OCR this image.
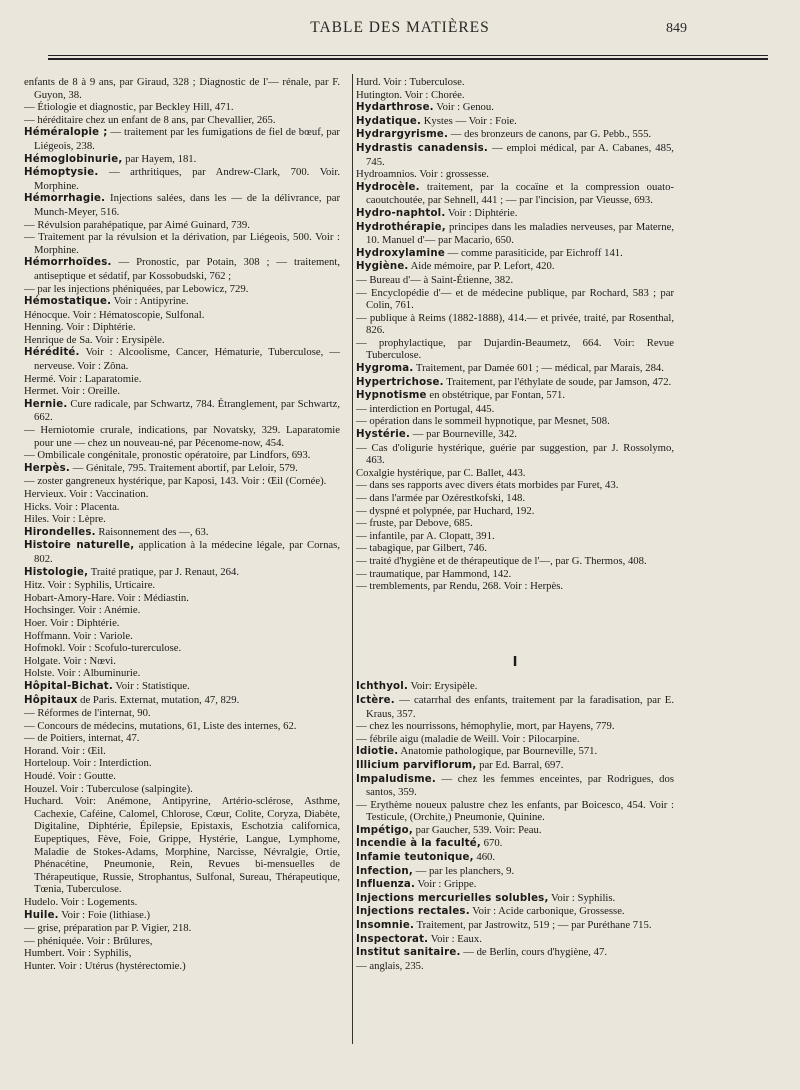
TABLE DES MATIÈRES	849

enfants de 8 à 9 ans, par Giraud, 328 ; Diagnostic de l'— rénale, par F. Guyon, 38.

— Étiologie et diagnostic, par Beckley Hill, 471.

— héréditaire chez un enfant de 8 ans, par Chevallier, 265.

Héméralopie ; — traitement par les fumigations de fiel de bœuf, par Liégeois, 238.

Hémoglobinurie, par Hayem, 181.

Hémoptysie. — arthritiques, par Andrew-Clark, 700. Voir. Morphine.

Hémorrhagie. Injections salées, dans les — de la délivrance, par Munch-Meyer, 516.

— Révulsion parahépatique, par Aimé Guinard, 739.

— Traitement par la révulsion et la dérivation, par Liégeois, 500. Voir : Morphine.

Hémorrhoïdes. — Pronostic, par Potain, 308 ; — traitement, antiseptique et sédatif, par Kossobudski, 762 ;

— par les injections phéniquées, par Lebowicz, 729.

Hémostatique. Voir : Antipyrine.

Hénocque. Voir : Hématoscopie, Sulfonal.

Henning. Voir : Diphtérie.

Henrique de Sa. Voir : Erysipèle.

Hérédité. Voir : Alcoolisme, Cancer, Hématurie, Tuberculose, — nerveuse. Voir : Zôna.

Hermé. Voir : Laparatomie.

Hermet. Voir : Oreille.

Hernie. Cure radicale, par Schwartz, 784. Étranglement, par Schwartz, 662.

— Herniotomie crurale, indications, par Novatsky, 329. Laparatomie pour une — chez un nouveau-né, par Pécenome-now, 454.

— Ombilicale congénitale, pronostic opératoire, par Lindfors, 693.

Herpès. — Génitale, 795. Traitement abortif, par Leloir, 579.

— zoster gangreneux hystérique, par Kaposi, 143. Voir : Œil (Cornée).

Hervieux. Voir : Vaccination.

Hicks. Voir : Placenta.

Hiles. Voir : Lèpre.

Hirondelles. Raisonnement des —, 63.

Histoire naturelle, application à la médecine légale, par Cornas, 802.

Histologie, Traité pratique, par J. Renaut, 264.

Hitz. Voir : Syphilis, Urticaire.

Hobart-Amory-Hare. Voir : Médiastin.

Hochsinger. Voir : Anémie.

Hoer. Voir : Diphtérie.

Hoffmann. Voir : Variole.

Hofmokl. Voir : Scofulo-turerculose.

Holgate. Voir : Nœvi.

Holste. Voir : Albuminurie.

Hôpital-Bichat. Voir : Statistique.

Hôpitaux de Paris. Externat, mutation, 47, 829.

— Réformes de l'internat, 90.

— Concours de médecins, mutations, 61, Liste des internes, 62.

— de Poitiers, internat, 47.

Horand. Voir : Œil.

Horteloup. Voir : Interdiction.

Houdé. Voir : Goutte.

Houzel. Voir : Tuberculose (salpingite).

Huchard. Voir: Anémone, Antipyrine, Artério-sclérose, Asthme, Cachexie, Caféine, Calomel, Chlorose, Cœur, Colite, Coryza, Diabète, Digitaline, Diphtérie, Épilepsie, Epistaxis, Eschotzia californica, Eupeptiques, Fève, Foie, Grippe, Hystérie, Langue, Lymphome, Maladie de Stokes-Adams, Morphine, Narcisse, Névralgie, Ortie, Phénacétine, Pneumonie, Rein, Revues bi-mensuelles de Thérapeutique, Russie, Strophantus, Sulfonal, Sureau, Thérapeutique, Tœnia, Tuberculose.

Hudelo. Voir : Logements.

Huile. Voir : Foie (lithiase.)

— grise, préparation par P. Vigier, 218.

— phéniquée. Voir : Brûlures,

Humbert. Voir : Syphilis,

Hunter. Voir : Utérus (hystérectomie.)

Hurd. Voir : Tuberculose.

Hutington. Voir : Chorée.

Hydarthrose. Voir : Genou.

Hydatique. Kystes — Voir : Foie.

Hydrargyrisme. — des bronzeurs de canons, par G. Pebb., 555.

Hydrastis canadensis. — emploi médical, par A. Cabanes, 485, 745.

Hydroamnios. Voir : grossesse.

Hydrocèle. traitement, par la cocaïne et la compression ouato-caoutchoutée, par Sehnell, 441 ; — par l'incision, par Vieusse, 693.

Hydro-naphtol. Voir : Diphtérie.

Hydrothérapie, principes dans les maladies nerveuses, par Materne, 10. Manuel d'— par Macario, 650.

Hydroxylamine — comme parasiticide, par Eichroff 141.

Hygiène. Aide mémoire, par P. Lefort, 420.

— Bureau d'— à Saint-Étienne, 382.

— Encyclopédie d'— et de médecine publique, par Rochard, 583 ; par Colin, 761.

— publique à Reims (1882-1888), 414.— et privée, traité, par Rosenthal, 826.

— prophylactique, par Dujardin-Beaumetz, 664. Voir: Revue Tuberculose.

Hygroma. Traitement, par Damée 601 ; — médical, par Marais, 284.

Hypertrichose. Traitement, par l'éthylate de soude, par Jamson, 472.

Hypnotisme en obstétrique, par Fontan, 571.

— interdiction en Portugal, 445.

— opération dans le sommeil hypnotique, par Mesnet, 508.

Hystérie. — par Bourneville, 342.

— Cas d'oligurie hystérique, guérie par suggestion, par J. Rossolymo, 463.

Coxalgie hystérique, par C. Ballet, 443.

— dans ses rapports avec divers états morbides par Furet, 43.

— dans l'armée par Ozérestkofski, 148.

— dyspné et polypnée, par Huchard, 192.

— fruste, par Debove, 685.

— infantile, par A. Clopatt, 391.

— tabagique, par Gilbert, 746.

— traité d'hygiène et de thérapeutique de l'—, par G. Thermos, 408.

— traumatique, par Hammond, 142.

— tremblements, par Rendu, 268. Voir : Herpès.

I

Ichthyol. Voir: Erysipèle.

Ictère. — catarrhal des enfants, traitement par la faradisation, par E. Kraus, 357.

— chez les nourrissons, hémophylie, mort, par Hayens, 779.

— fébrile aigu (maladie de Weill. Voir : Pilocarpine.

Idiotie. Anatomie pathologique, par Bourneville, 571.

Illicium parviflorum, par Ed. Barral, 697.

Impaludisme. — chez les femmes enceintes, par Rodrigues, dos santos, 359.

— Erythème noueux palustre chez les enfants, par Boicesco, 454. Voir : Testicule, (Orchite,) Pneumonie, Quinine.

Impétigo, par Gaucher, 539. Voir: Peau.

Incendie à la faculté, 670.

Infamie teutonique, 460.

Infection, — par les planchers, 9.

Influenza. Voir : Grippe.

Injections mercurielles solubles, Voir : Syphilis.

Injections rectales. Voir : Acide carbonique, Grossesse.

Insomnie. Traitement, par Jastrowitz, 519 ; — par Puréthane 715.

Inspectorat. Voir : Eaux.

Institut sanitaire. — de Berlin, cours d'hygiène, 47.

— anglais, 235.
